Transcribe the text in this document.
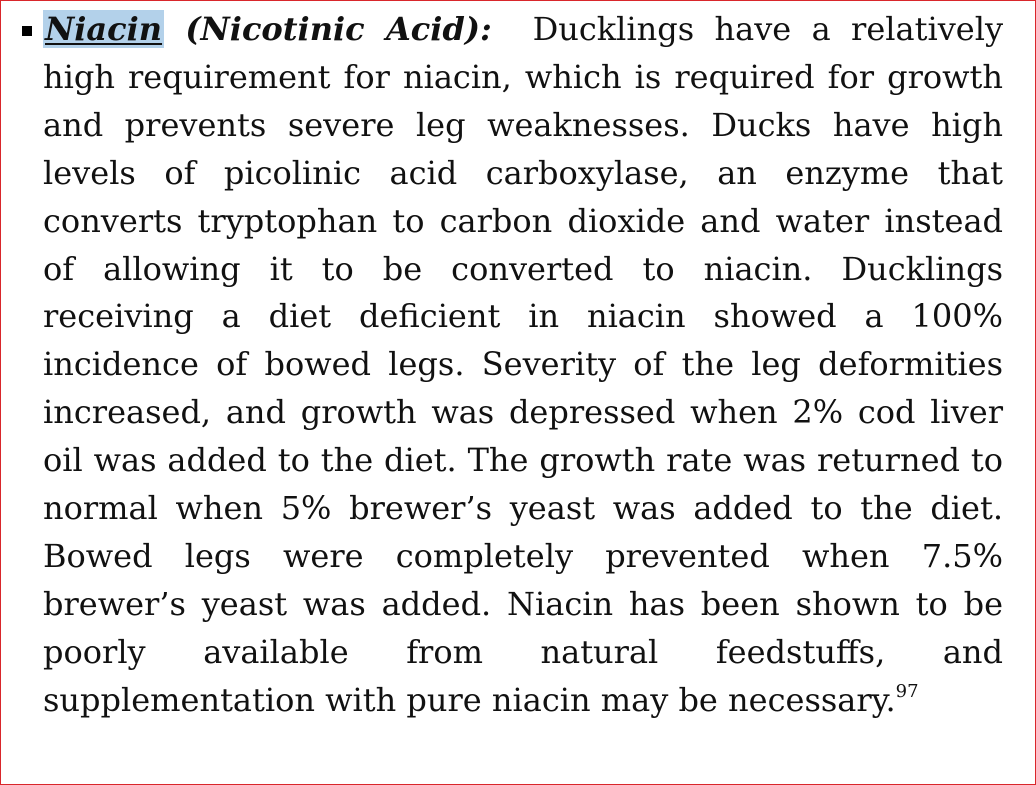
Niacin (Nicotinic Acid): Ducklings have a relatively high requirement for niacin, which is required for growth and prevents severe leg weaknesses. Ducks have high levels of picolinic acid carboxylase, an enzyme that converts tryptophan to carbon dioxide and water instead of allowing it to be converted to niacin. Ducklings receiving a diet deficient in niacin showed a 100% incidence of bowed legs. Severity of the leg deformities increased, and growth was depressed when 2% cod liver oil was added to the diet. The growth rate was returned to normal when 5% brewer’s yeast was added to the diet. Bowed legs were completely prevented when 7.5% brewer’s yeast was added. Niacin has been shown to be poorly available from natural feedstuffs, and supplementation with pure niacin may be necessary.$^{97}$
